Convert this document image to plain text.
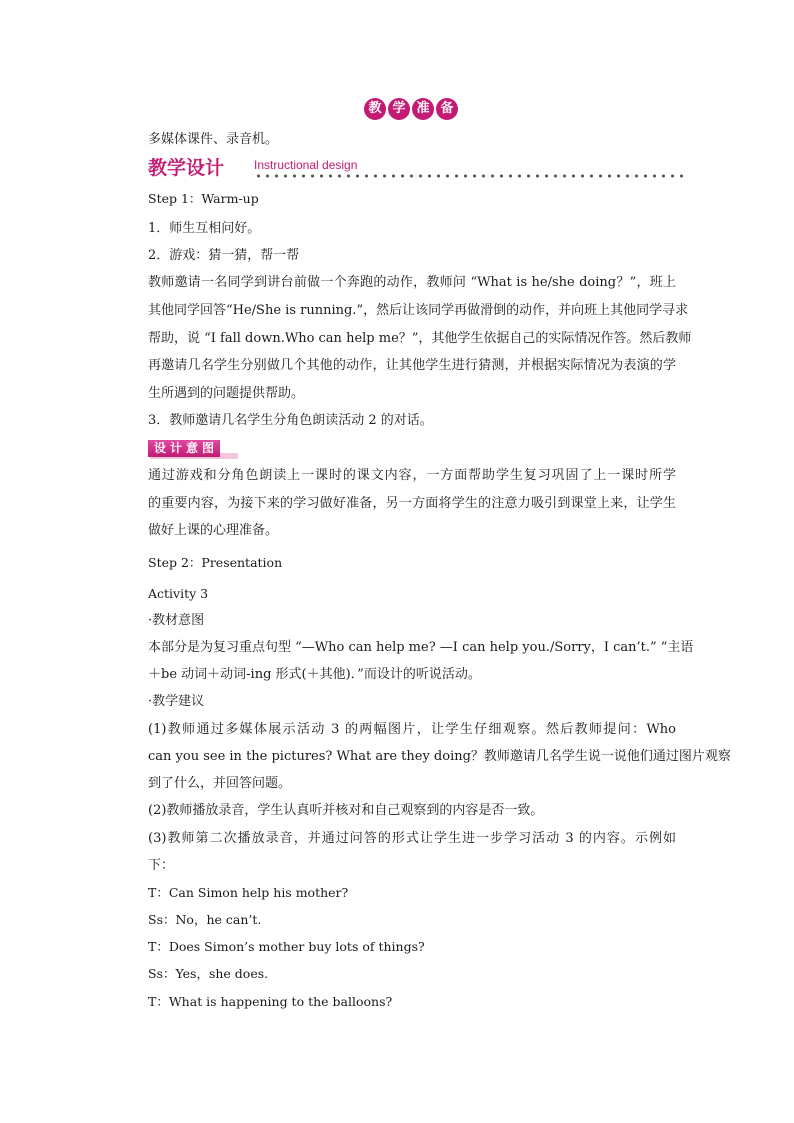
教 学 准 备
多媒体课件、录音机。
教学设计 Instructional design
Step 1：Warm-up
1．师生互相问好。
2．游戏：猜一猜，帮一帮
教师邀请一名同学到讲台前做一个奔跑的动作，教师问 “What is he/she doing？”，班上
其他同学回答“He/She is running.”，然后让该同学再做滑倒的动作，并向班上其他同学寻求
帮助，说 “I fall down.Who can help me？”，其他学生依据自己的实际情况作答。然后教师
再邀请几名学生分别做几个其他的动作，让其他学生进行猜测，并根据实际情况为表演的学
生所遇到的问题提供帮助。
3．教师邀请几名学生分角色朗读活动 2 的对话。
设 计 意 图
通过游戏和分角色朗读上一课时的课文内容，一方面帮助学生复习巩固了上一课时所学
的重要内容，为接下来的学习做好准备，另一方面将学生的注意力吸引到课堂上来，让学生
做好上课的心理准备。
Step 2：Presentation
Activity 3
·教材意图
本部分是为复习重点句型 “—Who can help me? —I can help you./Sorry，I can’t.” “主语
＋be 动词＋动词-ing 形式(＋其他)．”而设计的听说活动。
·教学建议
(1)教师通过多媒体展示活动 3 的两幅图片，让学生仔细观察。然后教师提问：Who
can you see in the pictures? What are they doing？教师邀请几名学生说一说他们通过图片观察
到了什么，并回答问题。
(2)教师播放录音，学生认真听并核对和自己观察到的内容是否一致。
(3)教师第二次播放录音，并通过问答的形式让学生进一步学习活动 3 的内容。示例如
下：
T：Can Simon help his mother?
Ss：No，he can’t.
T：Does Simon’s mother buy lots of things?
Ss：Yes，she does.
T：What is happening to the balloons?
